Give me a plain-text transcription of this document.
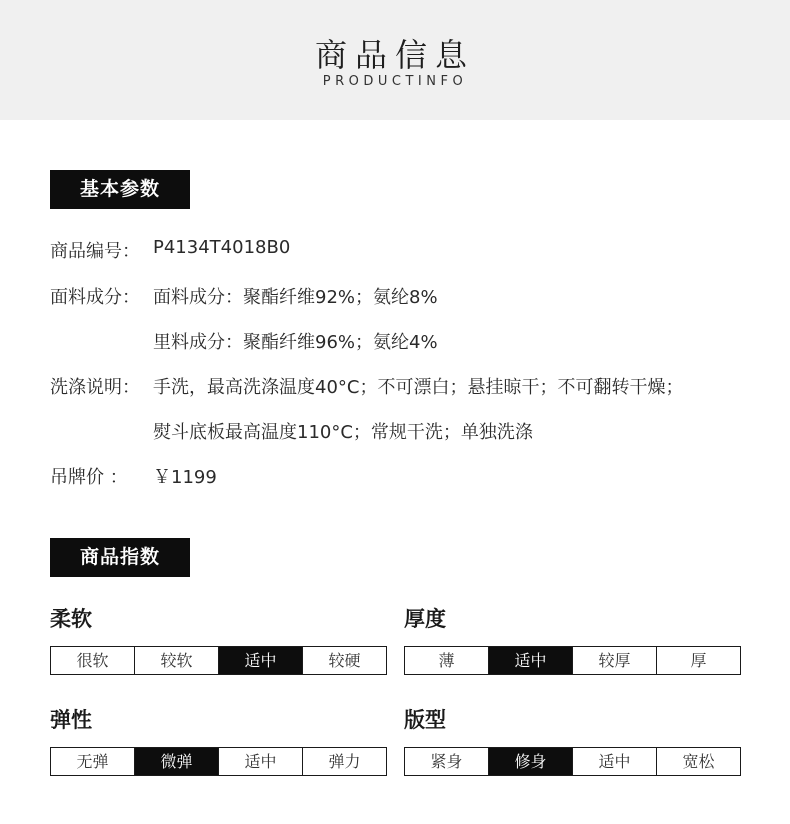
商品信息
PRODUCTINFO
基本参数
商品编号： P4134T4018B0
面料成分： 面料成分：聚酯纤维92%；氨纶8%
里料成分：聚酯纤维96%；氨纶4%
洗涤说明： 手洗，最高洗涤温度40°C；不可漂白；悬挂晾干；不可翻转干燥；
熨斗底板最高温度110°C；常规干洗；单独洗涤
吊牌价 ：	￥1199
商品指数
柔软
很软	较软	适中	较硬
厚度
薄	适中	较厚	厚
弹性
无弹	微弹	适中	弹力
版型
紧身	修身	适中	宽松
